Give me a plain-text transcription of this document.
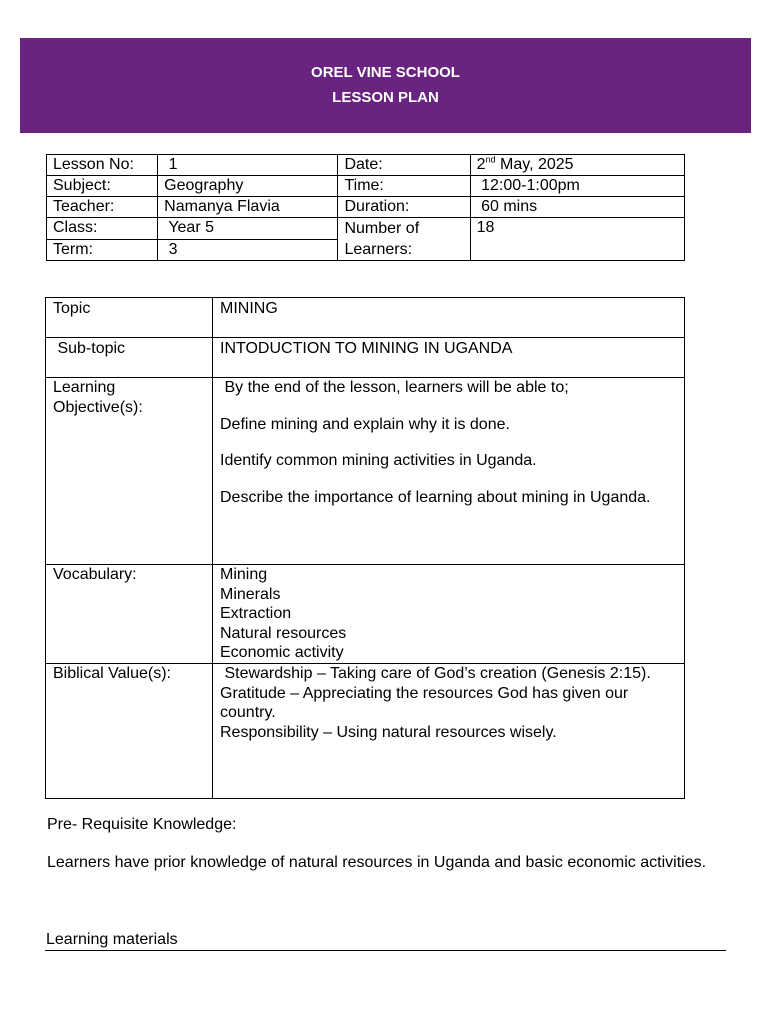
OREL VINE SCHOOL
LESSON PLAN
Lesson No:	1	Date:	2nd May, 2025
Subject:	Geography	Time:	12:00-1:00pm
Teacher:	Namanya Flavia	Duration:	60 mins
Class:	Year 5	Number of Learners:	18
Term:	3		
Topic	MINING
Sub-topic	INTODUCTION TO MINING IN UGANDA
Learning Objective(s):	By the end of the lesson, learners will be able to;

Define mining and explain why it is done.

Identify common mining activities in Uganda.

Describe the importance of learning about mining in Uganda.

Vocabulary:	Mining

Minerals

Extraction

Natural resources

Economic activity

Biblical Value(s):	Stewardship – Taking care of God’s creation (Genesis 2:15).

Gratitude – Appreciating the resources God has given our country.

Responsibility – Using natural resources wisely.

Pre- Requisite Knowledge:
Learners have prior knowledge of natural resources in Uganda and basic economic activities.
Learning materials
